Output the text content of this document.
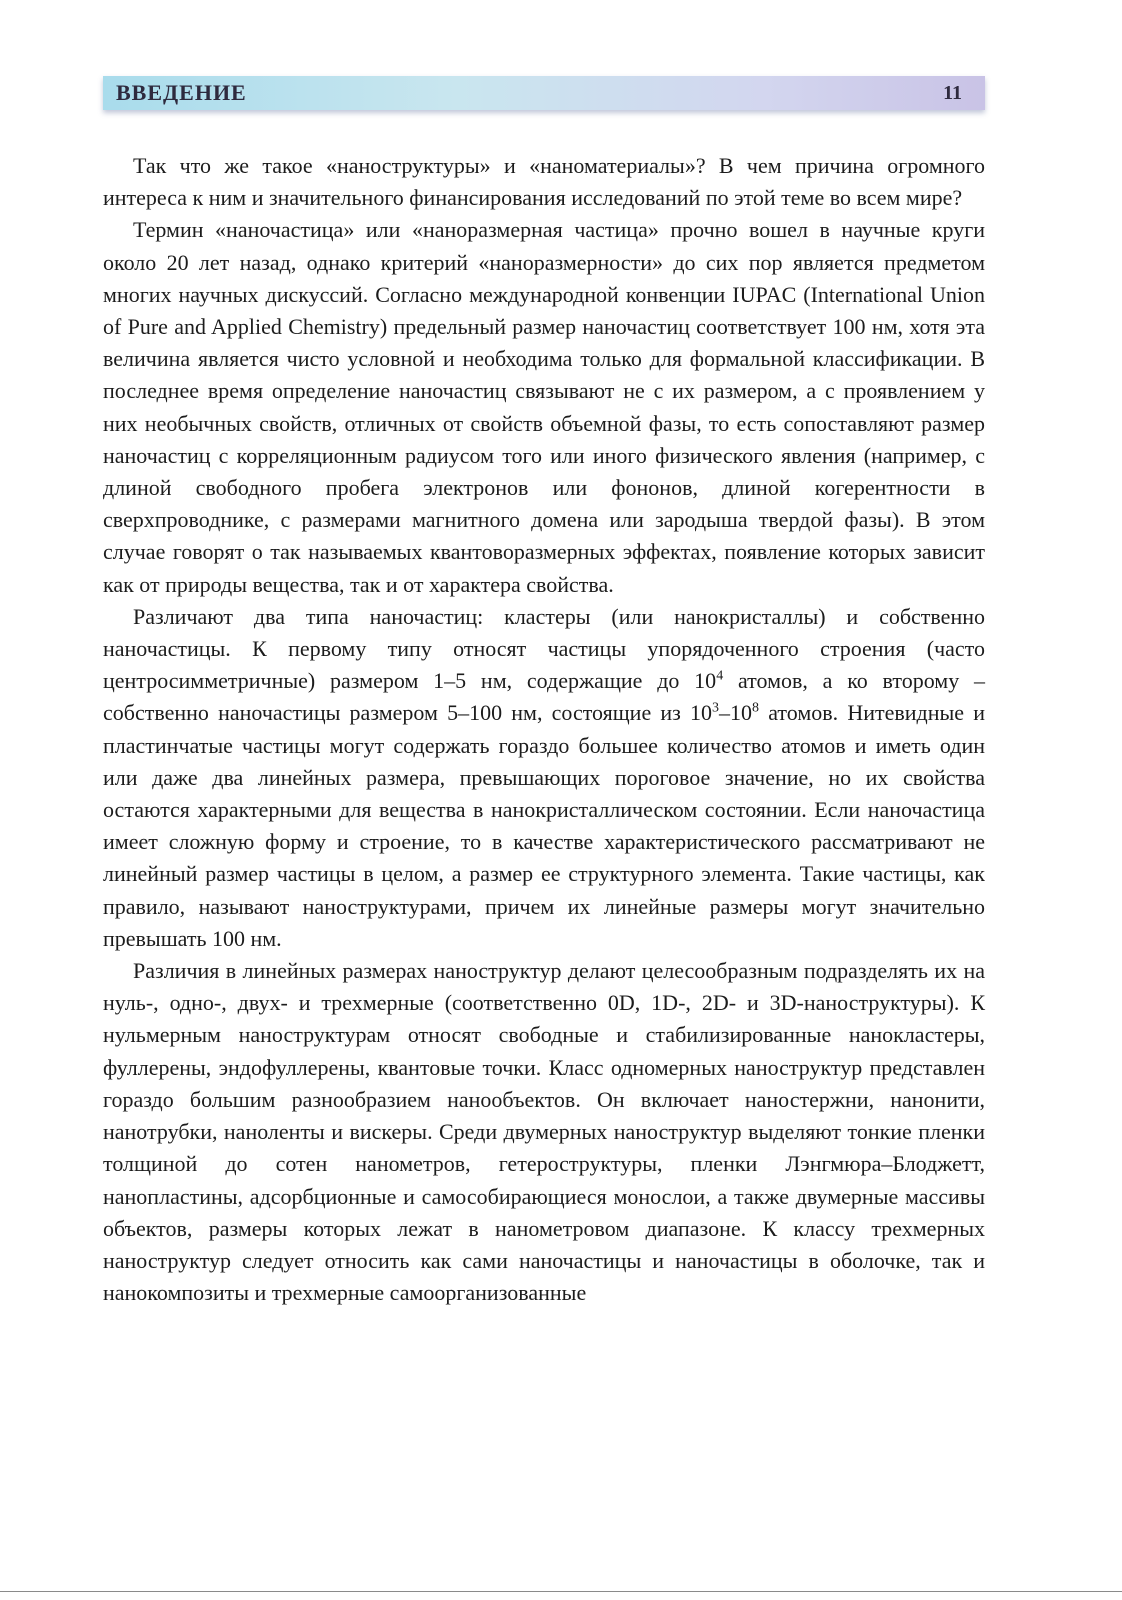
ВВЕДЕНИЕ	11

Так что же такое «наноструктуры» и «наноматериалы»? В чем причина огромного интереса к ним и значительного финансирования исследований по этой теме во всем мире?

Термин «наночастица» или «наноразмерная частица» прочно вошел в научные круги около 20 лет назад, однако критерий «наноразмерности» до сих пор является предметом многих научных дискуссий. Согласно международной конвенции IUPAC (International Union of Pure and Applied Chemistry) предельный размер наночастиц соответствует 100 нм, хотя эта величина является чисто условной и необходима только для формальной классификации. В последнее время определение наночастиц связывают не с их размером, а с проявлением у них необычных свойств, отличных от свойств объемной фазы, то есть сопоставляют размер наночастиц с корреляционным радиусом того или иного физического явления (например, с длиной свободного пробега электронов или фононов, длиной когерентности в сверхпроводнике, с размерами магнитного домена или зародыша твердой фазы). В этом случае говорят о так называемых квантоворазмерных эффектах, появление которых зависит как от природы вещества, так и от характера свойства.

Различают два типа наночастиц: кластеры (или нанокристаллы) и собственно наночастицы. К первому типу относят частицы упорядоченного строения (часто центросимметричные) размером 1–5 нм, содержащие до $10^4$ атомов, а ко второму – собственно наночастицы размером 5–100 нм, состоящие из $10^3-10^8$ атомов. Нитевидные и пластинчатые частицы могут содержать гораздо большее количество атомов и иметь один или даже два линейных размера, превышающих пороговое значение, но их свойства остаются характерными для вещества в нанокристаллическом состоянии. Если наночастица имеет сложную форму и строение, то в качестве характеристического рассматривают не линейный размер частицы в целом, а размер ее структурного элемента. Такие частицы, как правило, называют наноструктурами, причем их линейные размеры могут значительно превышать 100 нм.

Различия в линейных размерах наноструктур делают целесообразным подразделять их на нуль-, одно-, двух- и трехмерные (соответственно 0D, 1D-, 2D- и 3D-наноструктуры). К нульмерным наноструктурам относят свободные и стабилизированные нанокластеры, фуллерены, эндофуллерены, квантовые точки. Класс одномерных наноструктур представлен гораздо большим разнообразием нанообъектов. Он включает наностержни, нанонити, нанотрубки, наноленты и вискеры. Среди двумерных наноструктур выделяют тонкие пленки толщиной до сотен нанометров, гетероструктуры, пленки Лэнгмюра–Блоджетт, нанопластины, адсорбционные и самособирающиеся монослои, а также двумерные массивы объектов, размеры которых лежат в нанометровом диапазоне. К классу трехмерных наноструктур следует относить как сами наночастицы и наночастицы в оболочке, так и нанокомпозиты и трехмерные самоорганизованные
